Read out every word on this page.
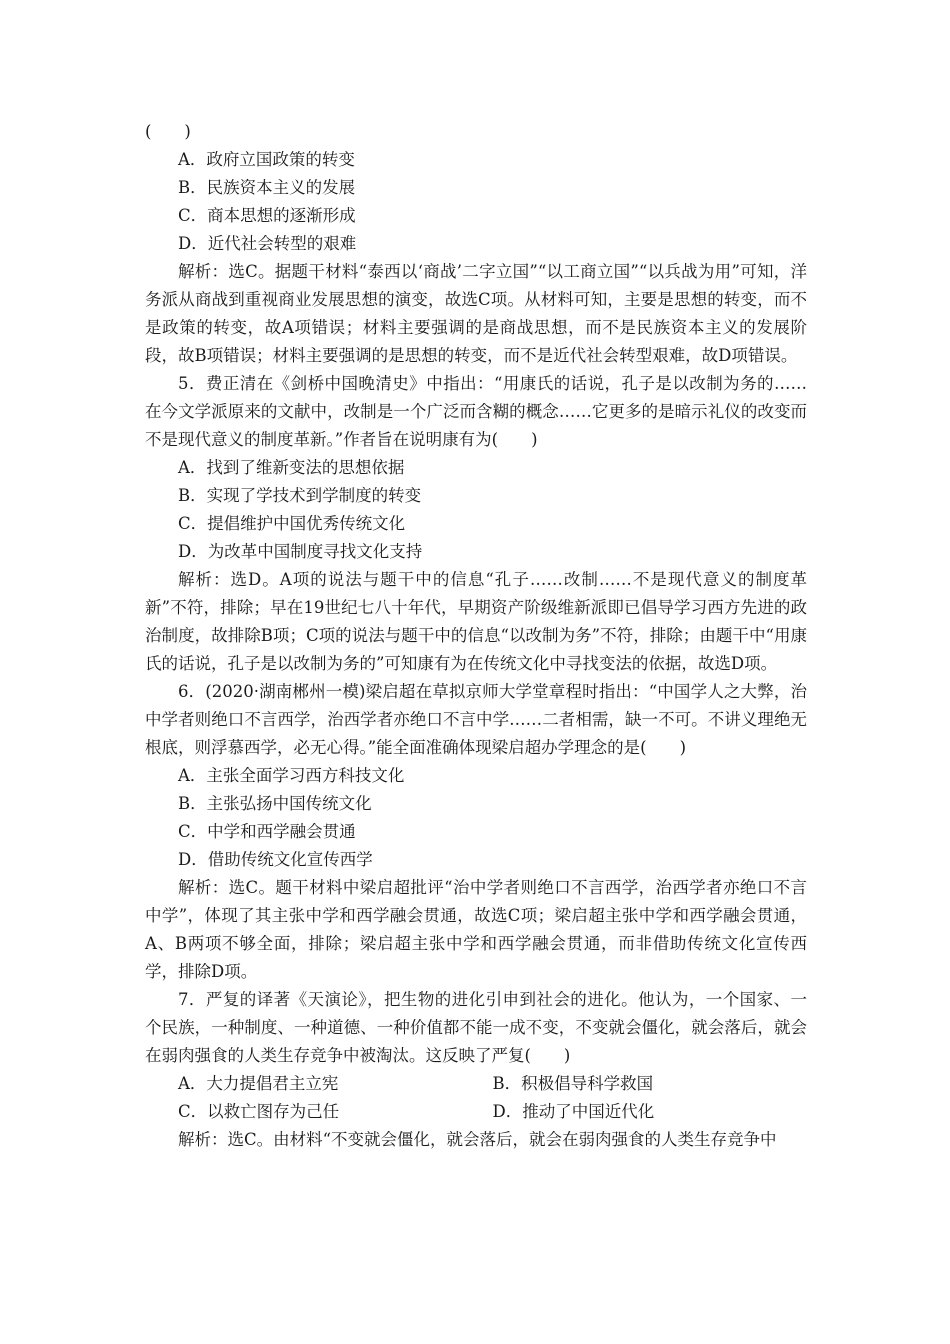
(　　)

A．政府立国政策的转变

B．民族资本主义的发展

C．商本思想的逐渐形成

D．近代社会转型的艰难

解析：选C。据题干材料“泰西以‘商战’二字立国”“以工商立国”“以兵战为用”可知，洋务派从商战到重视商业发展思想的演变，故选C项。从材料可知，主要是思想的转变，而不是政策的转变，故A项错误；材料主要强调的是商战思想，而不是民族资本主义的发展阶段，故B项错误；材料主要强调的是思想的转变，而不是近代社会转型艰难，故D项错误。

5．费正清在《剑桥中国晚清史》中指出：“用康氏的话说，孔子是以改制为务的……在今文学派原来的文献中，改制是一个广泛而含糊的概念……它更多的是暗示礼仪的改变而不是现代意义的制度革新。”作者旨在说明康有为(　　)

A．找到了维新变法的思想依据

B．实现了学技术到学制度的转变

C．提倡维护中国优秀传统文化

D．为改革中国制度寻找文化支持

解析：选D。A项的说法与题干中的信息“孔子……改制……不是现代意义的制度革新”不符，排除；早在19世纪七八十年代，早期资产阶级维新派即已倡导学习西方先进的政治制度，故排除B项；C项的说法与题干中的信息“以改制为务”不符，排除；由题干中“用康氏的话说，孔子是以改制为务的”可知康有为在传统文化中寻找变法的依据，故选D项。

6．(2020·湖南郴州一模)梁启超在草拟京师大学堂章程时指出：“中国学人之大弊，治中学者则绝口不言西学，治西学者亦绝口不言中学……二者相需，缺一不可。不讲义理绝无根底，则浮慕西学，必无心得。”能全面准确体现梁启超办学理念的是(　　)

A．主张全面学习西方科技文化

B．主张弘扬中国传统文化

C．中学和西学融会贯通

D．借助传统文化宣传西学

解析：选C。题干材料中梁启超批评“治中学者则绝口不言西学，治西学者亦绝口不言中学”，体现了其主张中学和西学融会贯通，故选C项；梁启超主张中学和西学融会贯通，A、B两项不够全面，排除；梁启超主张中学和西学融会贯通，而非借助传统文化宣传西学，排除D项。

7．严复的译著《天演论》，把生物的进化引申到社会的进化。他认为，一个国家、一个民族，一种制度、一种道德、一种价值都不能一成不变，不变就会僵化，就会落后，就会在弱肉强食的人类生存竞争中被淘汰。这反映了严复(　　)

A．大力提倡君主立宪	B．积极倡导科学救国
C．以救亡图存为己任	D．推动了中国近代化

解析：选C。由材料“不变就会僵化，就会落后，就会在弱肉强食的人类生存竞争中
